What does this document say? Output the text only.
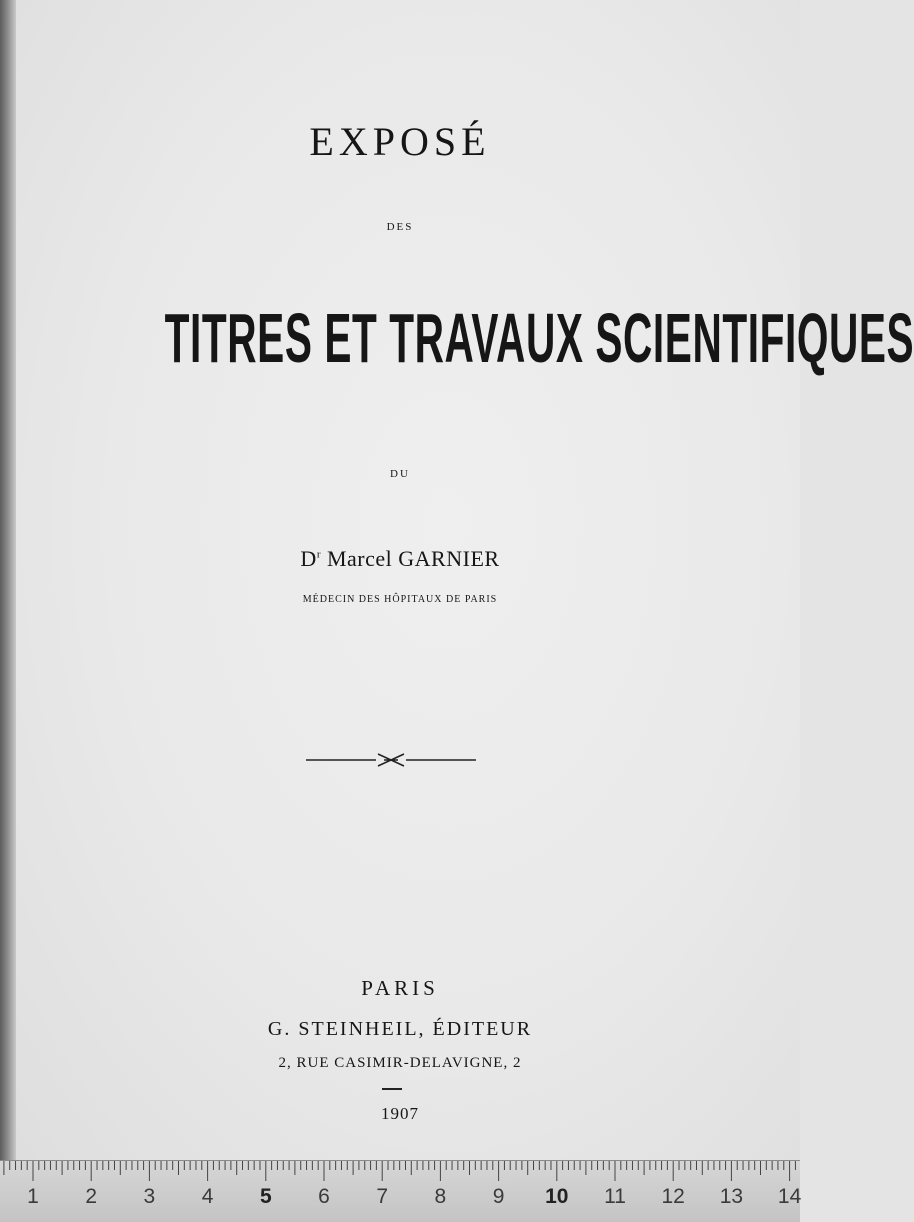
EXPOSÉ
DES
TITRES ET TRAVAUX SCIENTIFIQUES
DU
$D^r$ Marcel GARNIER
MÉDECIN DES HÔPITAUX DE PARIS
PARIS
G. STEINHEIL, ÉDITEUR
2, RUE CASIMIR-DELAVIGNE, 2
1907
1 2 3 4 5 6 7 8 9 10 11 12 13 14
